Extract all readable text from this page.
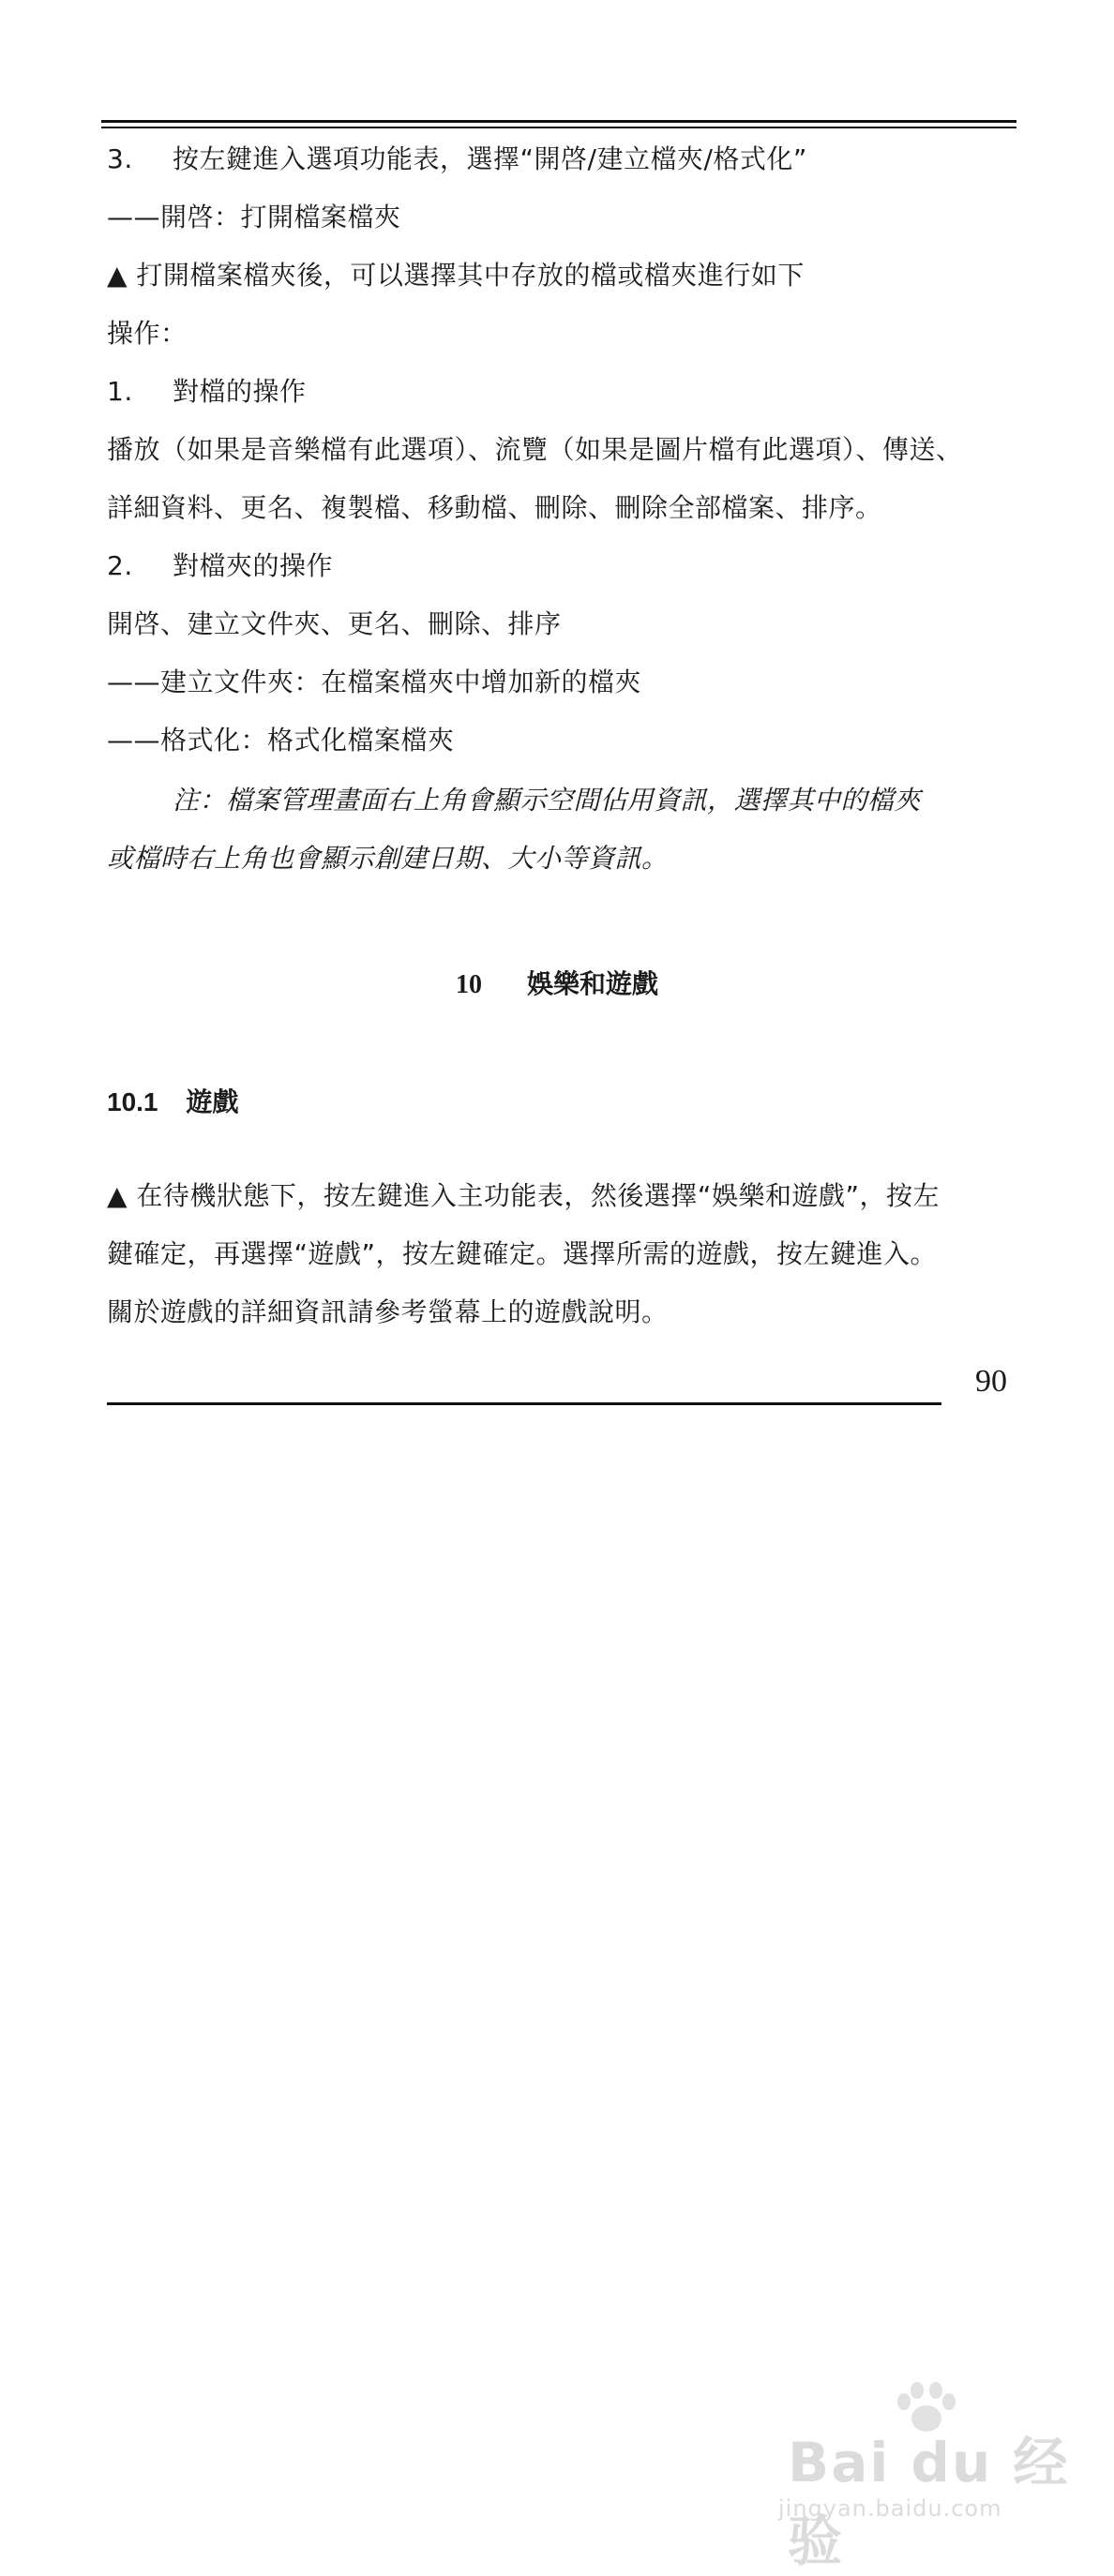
3. 按左鍵進入選項功能表，選擇“開啓/建立檔夾/格式化”
——開啓：打開檔案檔夾
▲ 打開檔案檔夾後，可以選擇其中存放的檔或檔夾進行如下
操作：
1. 對檔的操作
播放（如果是音樂檔有此選項）、流覽（如果是圖片檔有此選項）、傳送、
詳細資料、更名、複製檔、移動檔、刪除、刪除全部檔案、排序。
2. 對檔夾的操作
開啓、建立文件夾、更名、刪除、排序
——建立文件夾：在檔案檔夾中增加新的檔夾
——格式化：格式化檔案檔夾
注：檔案管理畫面右上角會顯示空間佔用資訊，選擇其中的檔夾
或檔時右上角也會顯示創建日期、大小等資訊。
10 娛樂和遊戲
10.1 遊戲
▲ 在待機狀態下，按左鍵進入主功能表，然後選擇“娛樂和遊戲”，按左
鍵確定，再選擇“遊戲”，按左鍵確定。選擇所需的遊戲，按左鍵進入。
關於遊戲的詳細資訊請參考螢幕上的遊戲說明。
90
Bai du 经验
jingyan.baidu.com
